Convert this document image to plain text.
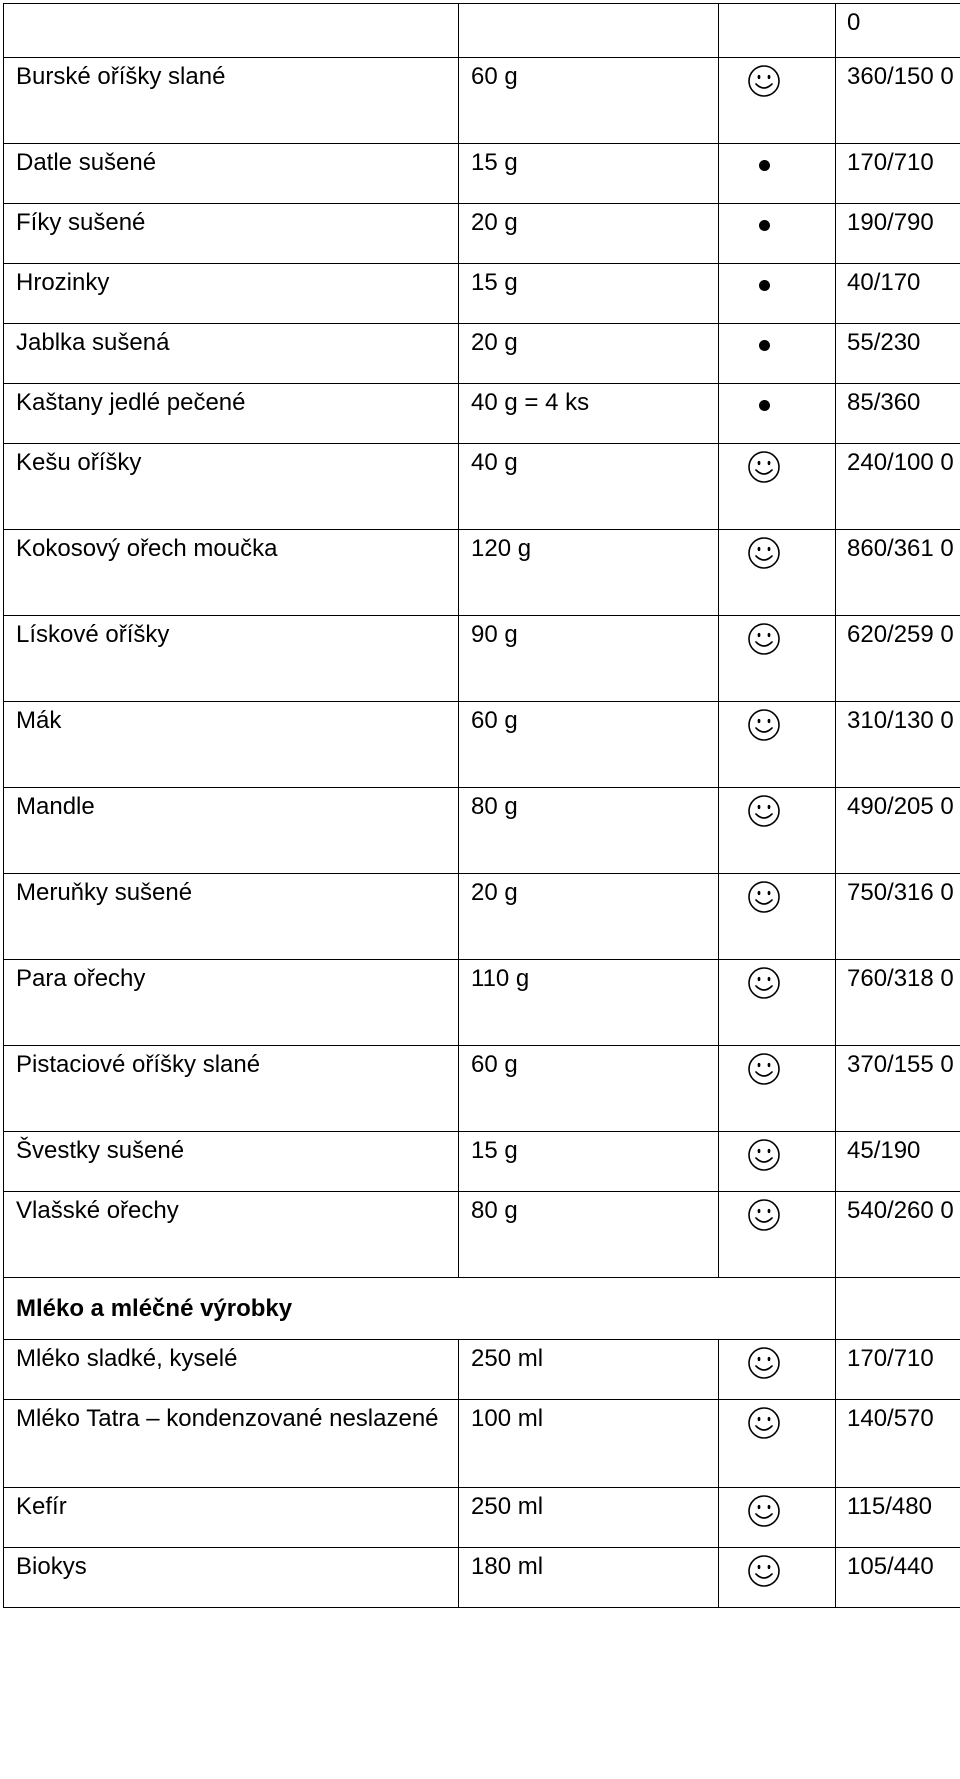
			0
Burské oříšky slané	60 g		360/150 0
Datle sušené	15 g		170/710
Fíky sušené	20 g		190/790
Hrozinky	15 g		40/170
Jablka sušená	20 g		55/230
Kaštany jedlé pečené	40 g = 4 ks		85/360
Kešu oříšky	40 g		240/100 0
Kokosový ořech moučka	120 g		860/361 0
Lískové oříšky	90 g		620/259 0
Mák	60 g		310/130 0
Mandle	80 g		490/205 0
Meruňky sušené	20 g		750/316 0
Para ořechy	110 g		760/318 0
Pistaciové oříšky slané	60 g		370/155 0
Švestky sušené	15 g		45/190
Vlašské ořechy	80 g		540/260 0
Mléko a mléčné výrobky			
Mléko sladké, kyselé	250 ml		170/710
Mléko Tatra – kondenzované neslazené	100 ml		140/570
Kefír	250 ml		115/480
Biokys	180 ml		105/440
